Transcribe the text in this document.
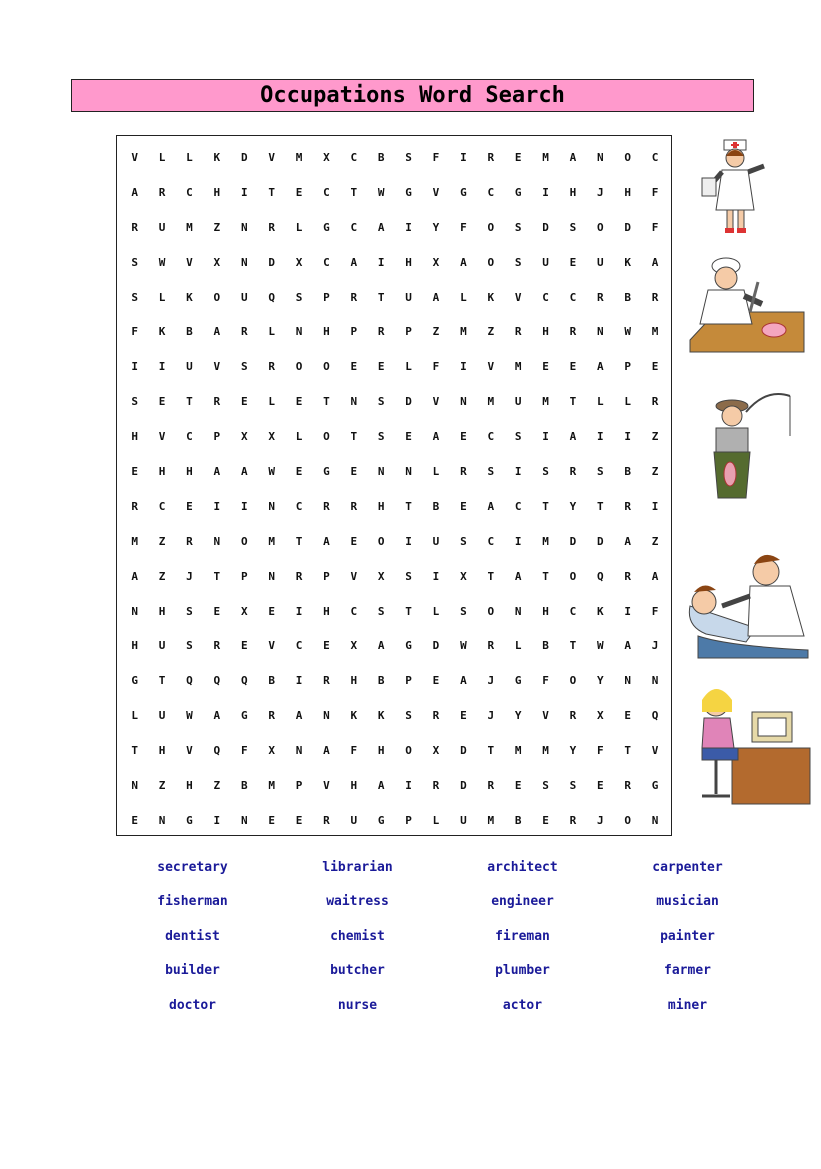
Occupations Word Search
V	L	L	K	D	V	M	X	C	B	S	F	I	R	E	M	A	N	O	C
A	R	C	H	I	T	E	C	T	W	G	V	G	C	G	I	H	J	H	F
R	U	M	Z	N	R	L	G	C	A	I	Y	F	O	S	D	S	O	D	F
S	W	V	X	N	D	X	C	A	I	H	X	A	O	S	U	E	U	K	A
S	L	K	O	U	Q	S	P	R	T	U	A	L	K	V	C	C	R	B	R
F	K	B	A	R	L	N	H	P	R	P	Z	M	Z	R	H	R	N	W	M
I	I	U	V	S	R	O	O	E	E	L	F	I	V	M	E	E	A	P	E
S	E	T	R	E	L	E	T	N	S	D	V	N	M	U	M	T	L	L	R
H	V	C	P	X	X	L	O	T	S	E	A	E	C	S	I	A	I	I	Z
E	H	H	A	A	W	E	G	E	N	N	L	R	S	I	S	R	S	B	Z
R	C	E	I	I	N	C	R	R	H	T	B	E	A	C	T	Y	T	R	I
M	Z	R	N	O	M	T	A	E	O	I	U	S	C	I	M	D	D	A	Z
A	Z	J	T	P	N	R	P	V	X	S	I	X	T	A	T	O	Q	R	A
N	H	S	E	X	E	I	H	C	S	T	L	S	O	N	H	C	K	I	F
H	U	S	R	E	V	C	E	X	A	G	D	W	R	L	B	T	W	A	J
G	T	Q	Q	Q	B	I	R	H	B	P	E	A	J	G	F	O	Y	N	N
L	U	W	A	G	R	A	N	K	K	S	R	E	J	Y	V	R	X	E	Q
T	H	V	Q	F	X	N	A	F	H	O	X	D	T	M	M	Y	F	T	V
N	Z	H	Z	B	M	P	V	H	A	I	R	D	R	E	S	S	E	R	G
E	N	G	I	N	E	E	R	U	G	P	L	U	M	B	E	R	J	O	N
secretary	librarian	architect	carpenter
fisherman	waitress	engineer	musician
dentist	chemist	fireman	painter
builder	butcher	plumber	farmer
doctor	nurse	actor	miner
